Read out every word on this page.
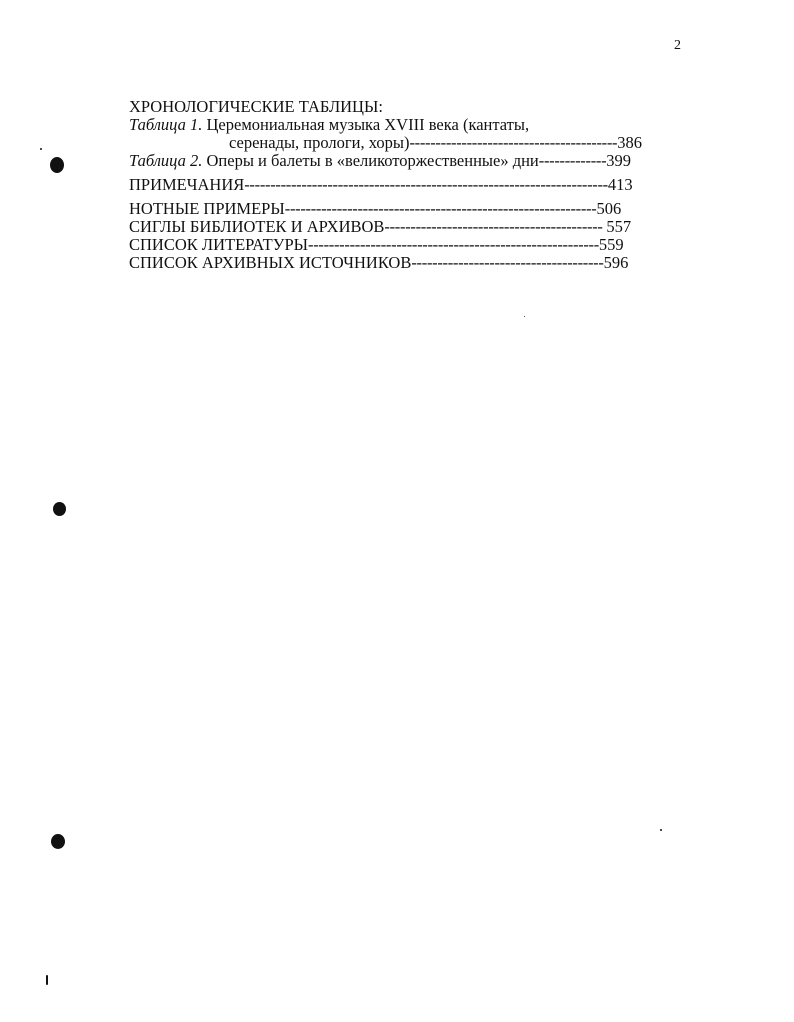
2
ХРОНОЛОГИЧЕСКИЕ ТАБЛИЦЫ:
Таблица 1. Церемониальная музыка XVIII века (кантаты,
серенады, прологи, хоры)----------------------------------------386
Таблица 2. Оперы и балеты в «великоторжественные» дни-------------399
ПРИМЕЧАНИЯ----------------------------------------------------------------------413
НОТНЫЕ ПРИМЕРЫ------------------------------------------------------------506
СИГЛЫ БИБЛИОТЕК И АРХИВОВ------------------------------------------ 557
СПИСОК ЛИТЕРАТУРЫ--------------------------------------------------------559
СПИСОК АРХИВНЫХ ИСТОЧНИКОВ-------------------------------------596
